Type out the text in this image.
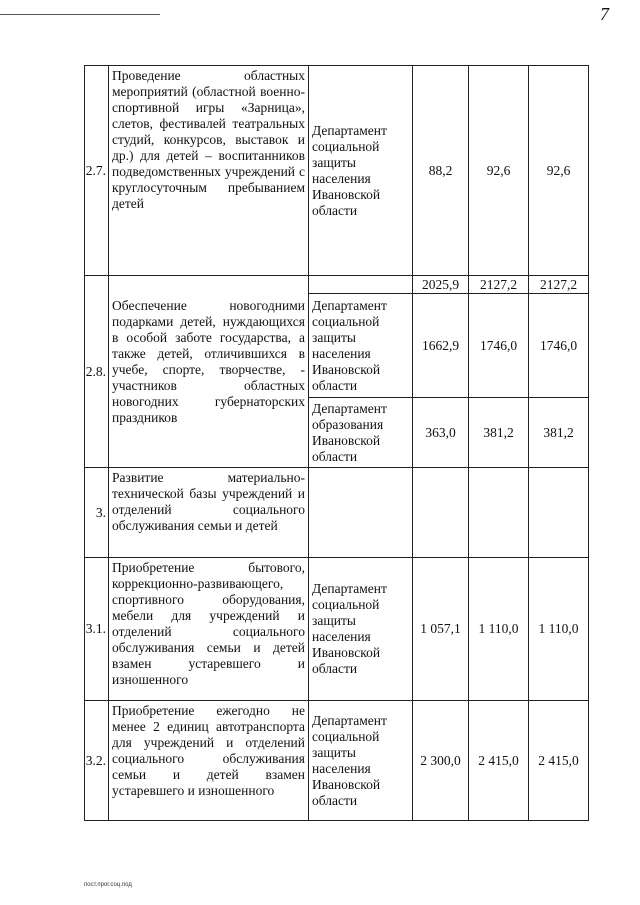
7
2.7.	Проведение областных мероприятий (областной военно-спортивной игры «Зарница», слетов, фестивалей театральных студий, конкурсов, выставок и др.) для детей – воспитанников подведомственных учреждений с круглосуточным пребыванием детей	Департамент социальной защиты населения Ивановской области	88,2	92,6	92,6
2.8.	Обеспечение новогодними подарками детей, нуждающихся в особой заботе государства, а также детей, отличившихся в учебе, спорте, творчестве, - участников областных новогодних губернаторских праздников		2025,9	2127,2	2127,2
		Департамент социальной защиты населения Ивановской области	1662,9	1746,0	1746,0
		Департамент образования Ивановской области	363,0	381,2	381,2
3.	Развитие материально-технической базы учреждений и отделений социального обслуживания семьи и детей				
3.1.	Приобретение бытового, коррекционно-развивающего, спортивного оборудования, мебели для учреждений и отделений социального обслуживания семьи и детей взамен устаревшего и изношенного	Департамент социальной защиты населения Ивановской области	1 057,1	1 110,0	1 110,0
3.2.	Приобретение ежегодно не менее 2 единиц автотранспорта для учреждений и отделений социального обслуживания семьи и детей взамен устаревшего и изношенного	Департамент социальной защиты населения Ивановской области	2 300,0	2 415,0	2 415,0
пост.прог.соц.под
